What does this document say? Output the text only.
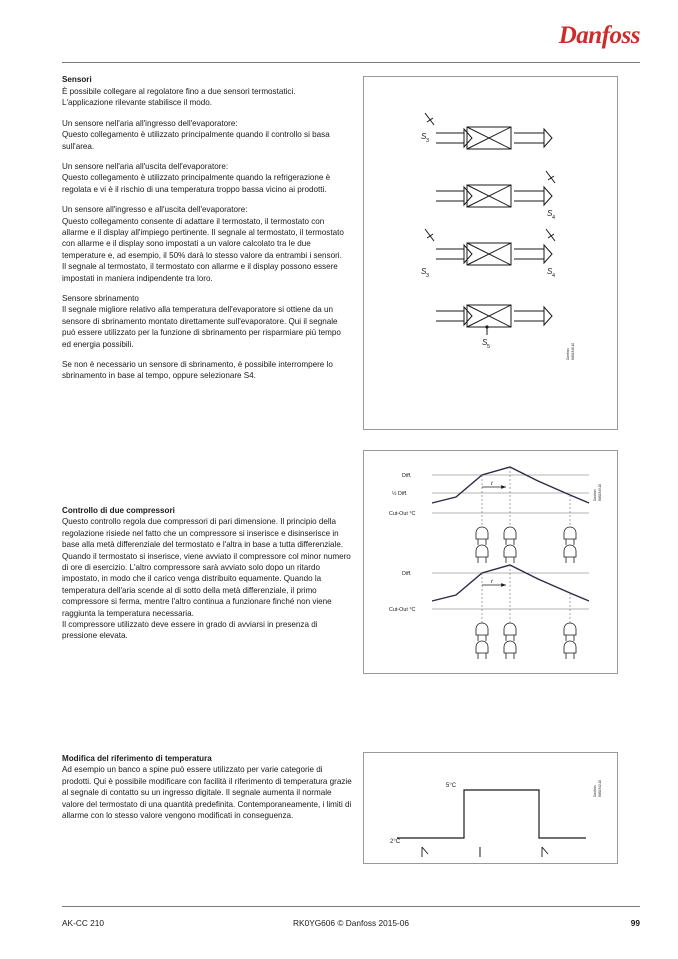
Danfoss

Sensori

È possibile collegare al regolatore fino a due sensori termostatici. L'applicazione rilevante stabilisce il modo.

Un sensore nell'aria all'ingresso dell'evaporatore:

Questo collegamento è utilizzato principalmente quando il controllo si basa sull'area.

Un sensore nell'aria all'uscita dell'evaporatore:

Questo collegamento è utilizzato principalmente quando la refrigerazione è regolata e vi è il rischio di una temperatura troppo bassa vicino ai prodotti.

Un sensore all'ingresso e all'uscita dell'evaporatore:

Questo collegamento consente di adattare il termostato, il termostato con allarme e il display all'impiego pertinente. Il segnale al termostato, il termostato con allarme e il display sono impostati a un valore calcolato tra le due temperature e, ad esempio, il 50% darà lo stesso valore da entrambi i sensori.

Il segnale al termostato, il termostato con allarme e il display possono essere impostati in maniera indipendente tra loro.

Sensore sbrinamento

Il segnale migliore relativo alla temperatura dell'evaporatore si ottiene da un sensore di sbrinamento montato direttamente sull'evaporatore. Qui il segnale può essere utilizzato per la funzione di sbrinamento per risparmiare più tempo ed energia possibili.

Se non è necessario un sensore di sbrinamento, è possibile interrompere lo sbrinamento in base al tempo, oppure selezionare S4.

Controllo di due compressori

Questo controllo regola due compressori di pari dimensione. Il principio della regolazione risiede nel fatto che un compressore si inserisce e disinserisce in base alla metà differenziale del termostato e l'altra in base a tutta differenziale. Quando il termostato si inserisce, viene avviato il compressore col minor numero di ore di esercizio. L'altro compressore sarà avviato solo dopo un ritardo impostato, in modo che il carico venga distribuito equamente. Quando la temperatura dell'aria scende al di sotto della metà differenziale, il primo compressore si ferma, mentre l'altro continua a funzionare finché non viene raggiunta la temperatura necessaria.

Il compressore utilizzato deve essere in grado di avviarsi in presenza di pressione elevata.

Modifica del riferimento di temperatura

Ad esempio un banco a spine può essere utilizzato per varie categorie di prodotti. Qui è possibile modificare con facilità il riferimento di temperatura grazie al segnale di contatto su un ingresso digitale. Il segnale aumenta il normale valore del termostato di una quantità predefinita. Contemporaneamente, i limiti di allarme con lo stesso valore vengono modificati in conseguenza.

S 3
S 4
S 3	S 4
S 5
Danfoss 84B2346.10
Diff.
½ Diff.
Cut-Out °C
t
Diff.
Cut-Out °C
t
Danfoss 84B2345.10
5°C
2°C
Danfoss 84B2342.10
AK-CC 210	RK0YG606 © Danfoss 2015-06	99
